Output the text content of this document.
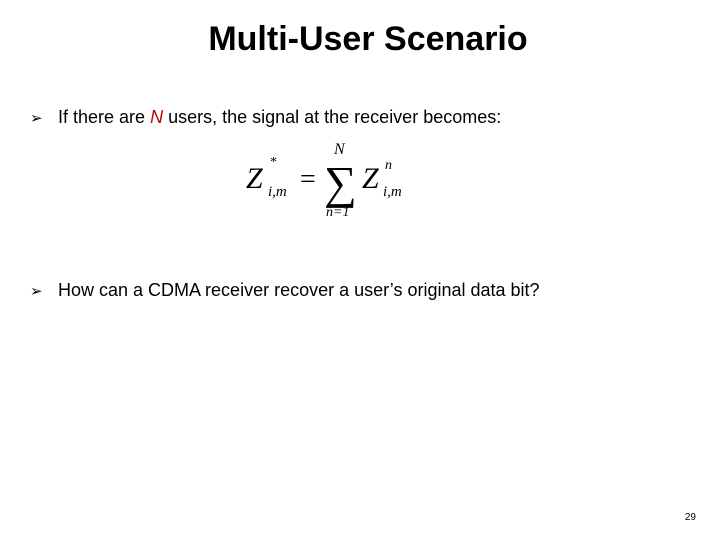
Multi-User Scenario
➢ If there are N users, the signal at the receiver becomes:
Z *
i,m =
N
∑
n=1
Z n
i,m
➢ How can a CDMA receiver recover a user’s original data bit?
29
